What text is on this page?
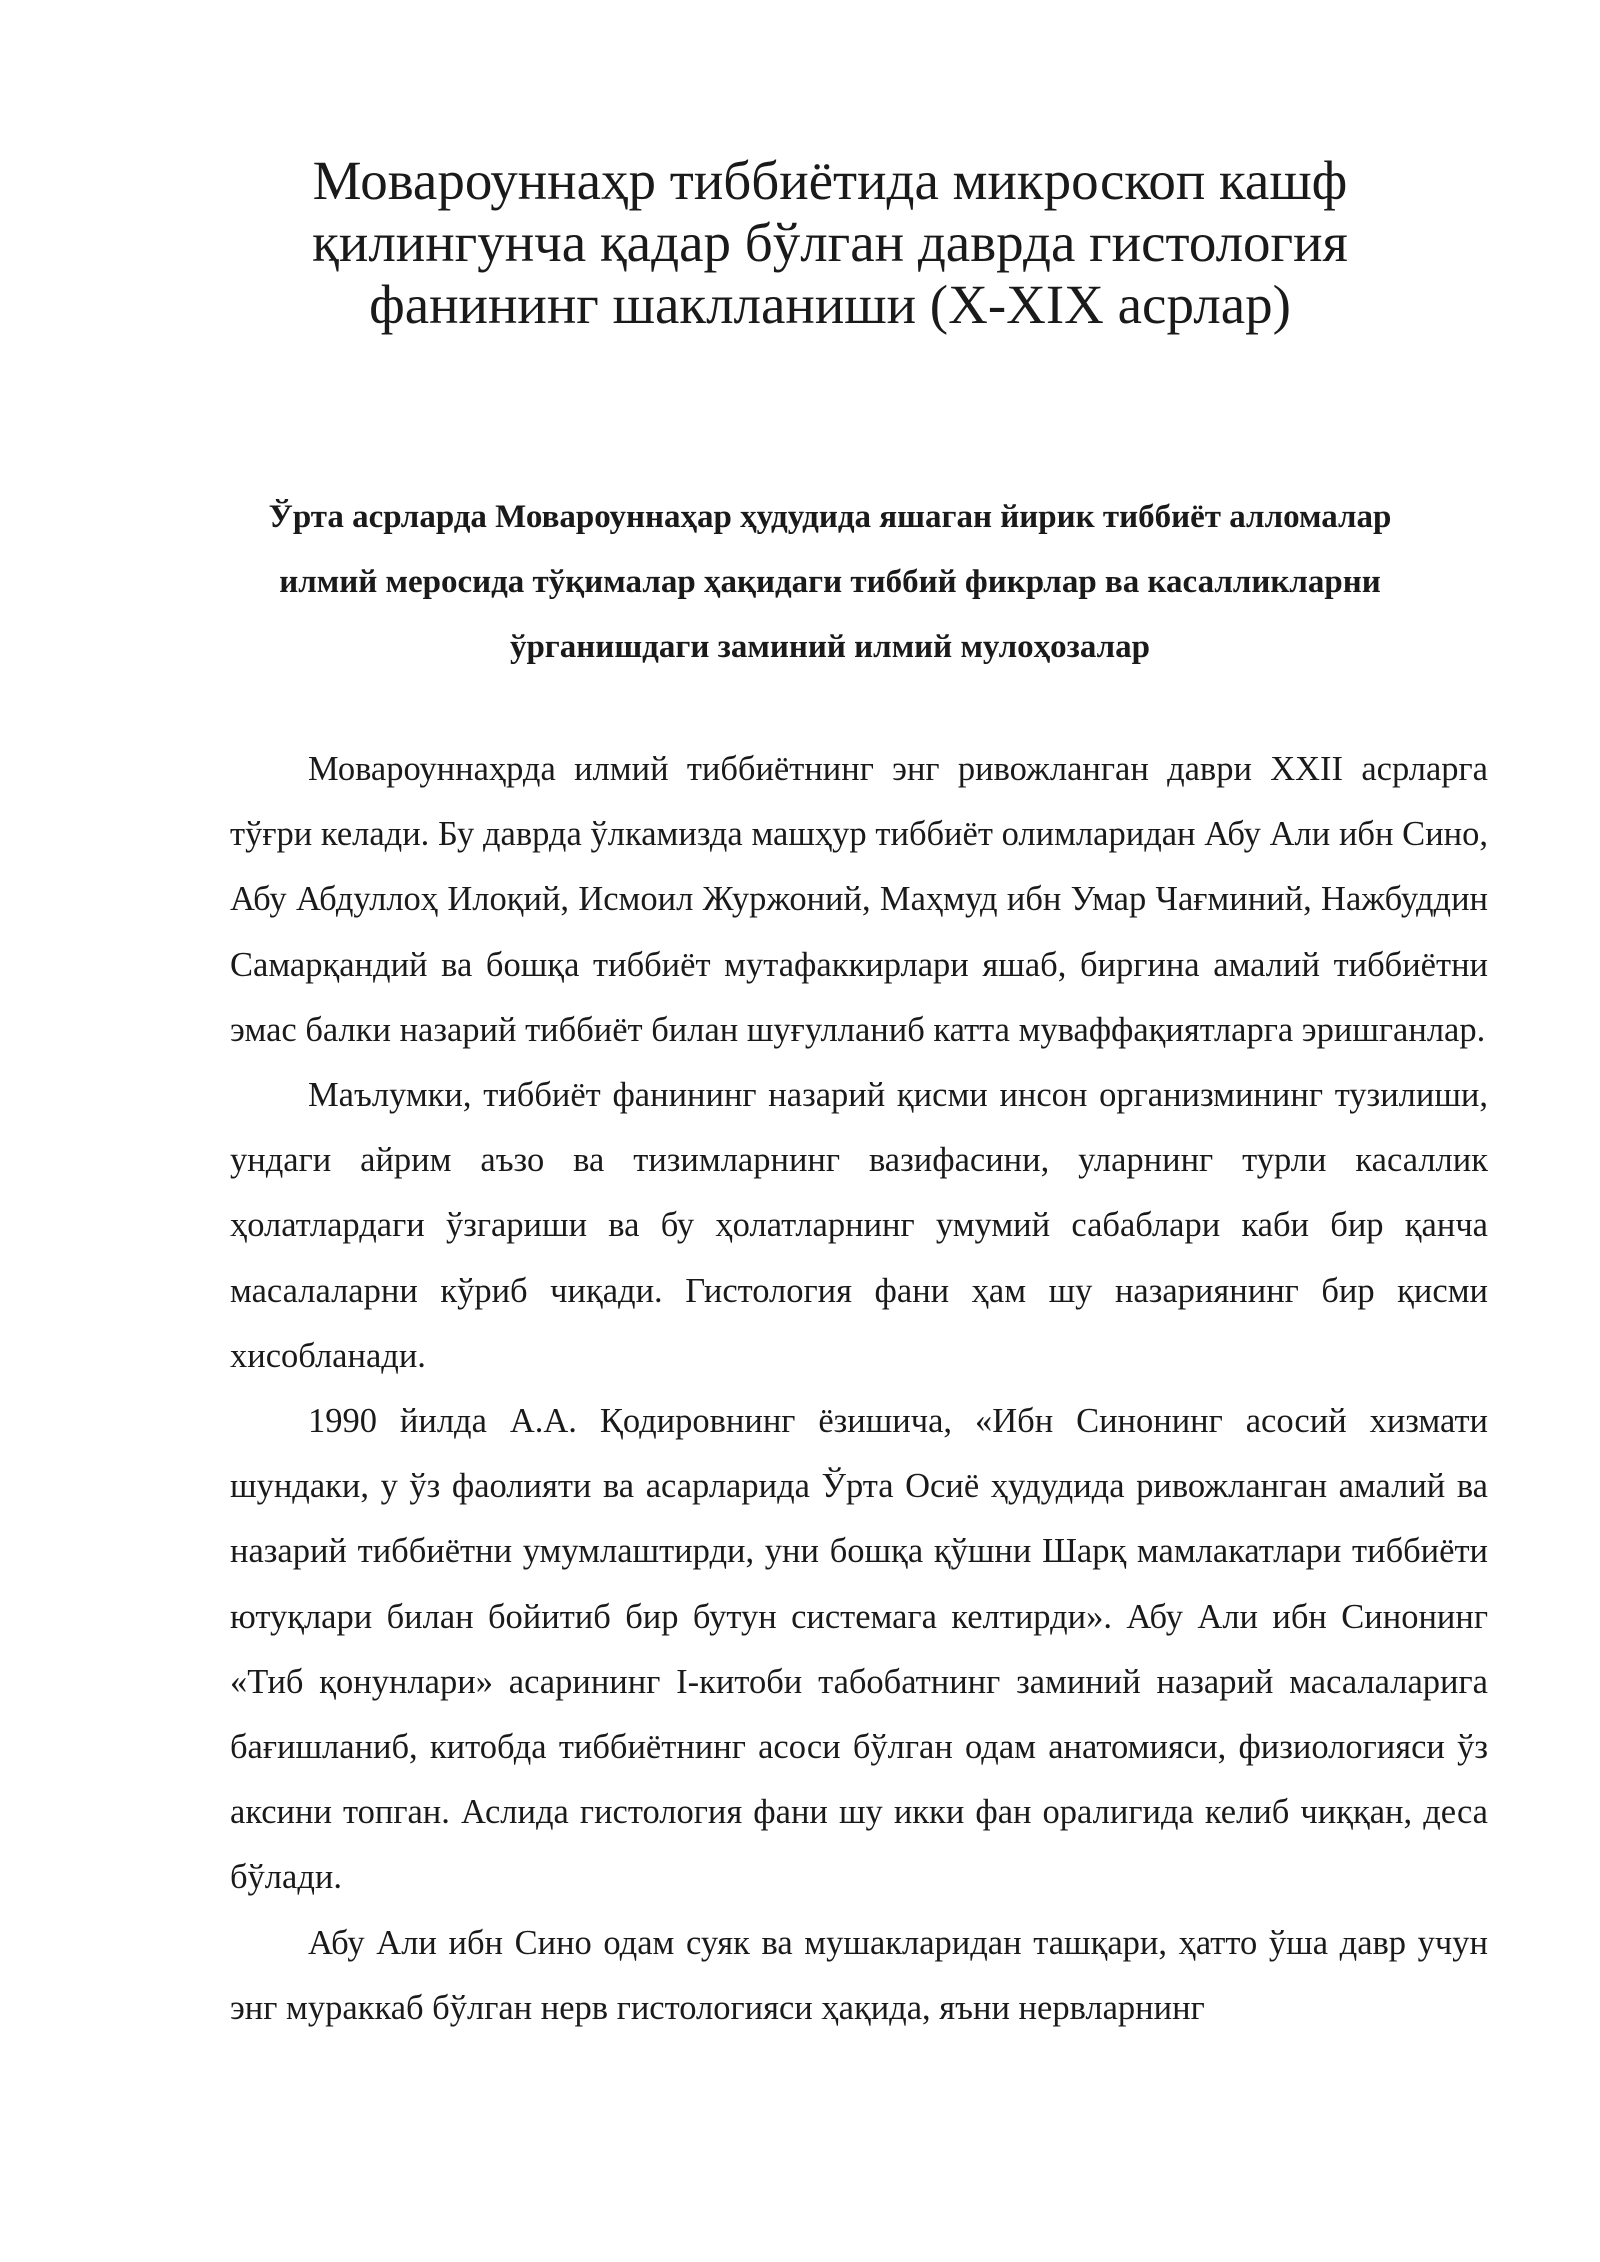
Мовароуннаҳр тиббиётида микроскоп кашф қилингунча қадар бўлган даврда гистология фанининг шаклланиши (X-XIX асрлар)
Ўрта асрларда Мовароуннаҳар ҳудудида яшаган йирик тиббиёт алломалар илмий меросида тўқималар ҳақидаги тиббий фикрлар ва касалликларни ўрганишдаги заминий илмий мулоҳозалар

Мовароуннаҳрда илмий тиббиётнинг энг ривожланган даври XXII асрларга тўғри келади. Бу даврда ўлкамизда машҳур тиббиёт олимларидан Абу Али ибн Сино, Абу Абдуллоҳ Илоқий, Исмоил Журжоний, Маҳмуд ибн Умар Чағминий, Нажбуддин Самарқандий ва бошқа тиббиёт мутафаккирлари яшаб, биргина амалий тиббиётни эмас балки назарий тиббиёт билан шуғулланиб катта муваффақиятларга эришганлар.

Маълумки, тиббиёт фанининг назарий қисми инсон организмининг тузилиши, ундаги айрим аъзо ва тизимларнинг вазифасини, уларнинг турли касаллик ҳолатлардаги ўзгариши ва бу ҳолатларнинг умумий сабаблари каби бир қанча масалаларни кўриб чиқади. Гистология фани ҳам шу назариянинг бир қисми хисобланади.

1990 йилда А.А. Қодировнинг ёзишича, «Ибн Синонинг асосий хизмати шундаки, у ўз фаолияти ва асарларида Ўрта Осиё ҳудудида ривожланган амалий ва назарий тиббиётни умумлаштирди, уни бошқа қўшни Шарқ мамлакатлари тиббиёти ютуқлари билан бойитиб бир бутун системага келтирди». Абу Али ибн Синонинг «Тиб қонунлари» асарининг I-китоби табобатнинг заминий назарий масалаларига бағишланиб, китобда тиббиётнинг асоси бўлган одам анатомияси, физиологияси ўз аксини топган. Аслида гистология фани шу икки фан оралигида келиб чиққан, деса бўлади.

Абу Али ибн Сино одам суяк ва мушакларидан ташқари, ҳатто ўша давр учун энг мураккаб бўлган нерв гистологияси ҳақида, яъни нервларнинг
